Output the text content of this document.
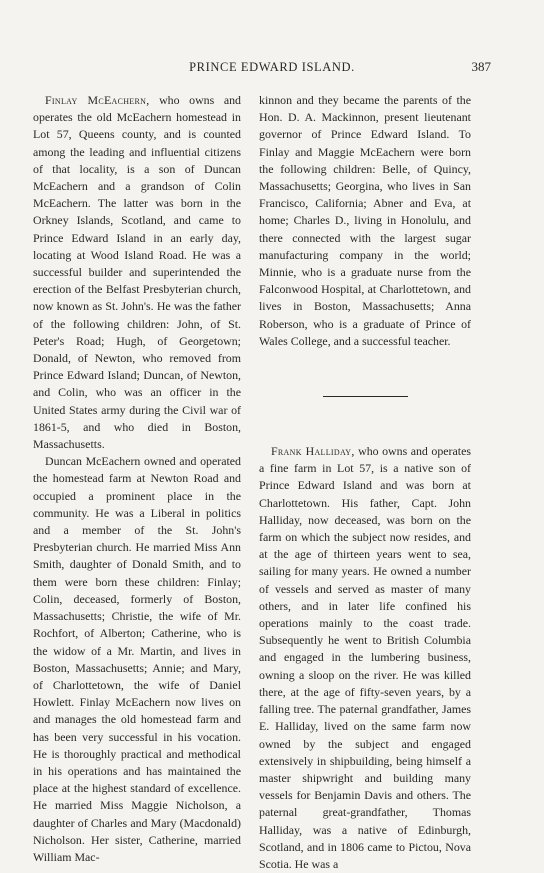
PRINCE EDWARD ISLAND.	387

Finlay McEachern, who owns and operates the old McEachern homestead in Lot 57, Queens county, and is counted among the leading and influential citizens of that locality, is a son of Duncan McEachern and a grandson of Colin McEachern. The latter was born in the Orkney Islands, Scotland, and came to Prince Edward Island in an early day, locating at Wood Island Road. He was a successful builder and superintended the erection of the Belfast Presbyterian church, now known as St. John's. He was the father of the following children: John, of St. Peter's Road; Hugh, of Georgetown; Donald, of Newton, who removed from Prince Edward Island; Duncan, of Newton, and Colin, who was an officer in the United States army during the Civil war of 1861-5, and who died in Boston, Massachusetts.

Duncan McEachern owned and operated the homestead farm at Newton Road and occupied a prominent place in the community. He was a Liberal in politics and a member of the St. John's Presbyterian church. He married Miss Ann Smith, daughter of Donald Smith, and to them were born these children: Finlay; Colin, deceased, formerly of Boston, Massachusetts; Christie, the wife of Mr. Rochfort, of Alberton; Catherine, who is the widow of a Mr. Martin, and lives in Boston, Massachusetts; Annie; and Mary, of Charlottetown, the wife of Daniel Howlett. Finlay McEachern now lives on and manages the old homestead farm and has been very successful in his vocation. He is thoroughly practical and methodical in his operations and has maintained the place at the highest standard of excellence. He married Miss Maggie Nicholson, a daughter of Charles and Mary (Macdonald) Nicholson. Her sister, Catherine, married William Mac-

kinnon and they became the parents of the Hon. D. A. Mackinnon, present lieutenant governor of Prince Edward Island. To Finlay and Maggie McEachern were born the following children: Belle, of Quincy, Massachusetts; Georgina, who lives in San Francisco, California; Abner and Eva, at home; Charles D., living in Honolulu, and there connected with the largest sugar manufacturing company in the world; Minnie, who is a graduate nurse from the Falconwood Hospital, at Charlottetown, and lives in Boston, Massachusetts; Anna Roberson, who is a graduate of Prince of Wales College, and a successful teacher.

Frank Halliday, who owns and operates a fine farm in Lot 57, is a native son of Prince Edward Island and was born at Charlottetown. His father, Capt. John Halliday, now deceased, was born on the farm on which the subject now resides, and at the age of thirteen years went to sea, sailing for many years. He owned a number of vessels and served as master of many others, and in later life confined his operations mainly to the coast trade. Subsequently he went to British Columbia and engaged in the lumbering business, owning a sloop on the river. He was killed there, at the age of fifty-seven years, by a falling tree. The paternal grandfather, James E. Halliday, lived on the same farm now owned by the subject and engaged extensively in shipbuilding, being himself a master shipwright and building many vessels for Benjamin Davis and others. The paternal great-grandfather, Thomas Halliday, was a native of Edinburgh, Scotland, and in 1806 came to Pictou, Nova Scotia. He was a
